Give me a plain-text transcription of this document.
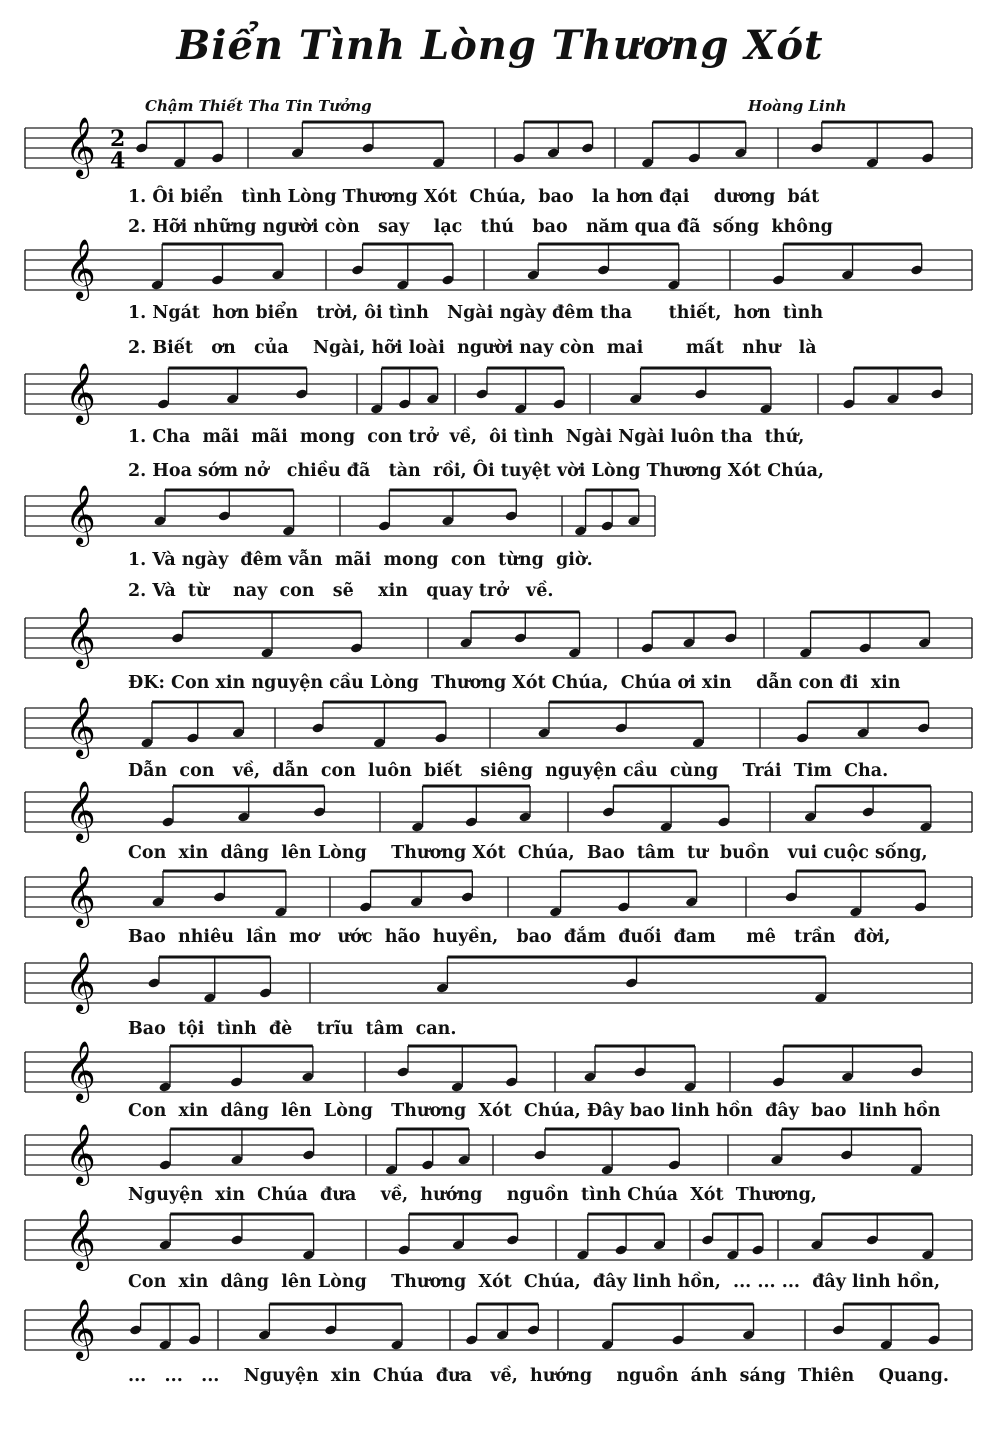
Biển Tình Lòng Thương Xót
Chậm Thiết Tha Tin Tưởng	Hoàng Linh
𝄞
𝄞
𝄞
𝄞
𝄞
𝄞
𝄞
𝄞
𝄞
𝄞
𝄞
𝄞
𝄞
2
4
1. Ôi biển   tình Lòng Thương Xót  Chúa,  bao   la hơn đại    dương  bát
2. Hỡi những người còn   say    lạc   thú   bao   năm qua đã  sống  không
1. Ngát  hơn biển   trời, ôi tình   Ngài ngày đêm tha      thiết,  hơn  tình
2. Biết   ơn   của    Ngài, hỡi loài  người nay còn  mai       mất   như   là
1. Cha  mãi  mãi  mong  con trở  về,  ôi tình  Ngài Ngài luôn tha  thứ,
2. Hoa sớm nở   chiều đã   tàn  rồi, Ôi tuyệt vời Lòng Thương Xót Chúa,
1. Và ngày  đêm vẫn  mãi  mong  con  từng  giờ.
2. Và  từ    nay  con   sẽ    xin   quay trở   về.
ĐK: Con xin nguyện cầu Lòng  Thương Xót Chúa,  Chúa ơi xin    dẫn con đi  xin
Dẫn  con   về,  dẫn  con  luôn  biết   siêng  nguyện cầu  cùng    Trái  Tim  Cha.
Con  xin  dâng  lên Lòng    Thương Xót  Chúa,  Bao  tâm  tư  buồn   vui cuộc sống,
Bao  nhiêu  lần  mơ   ước  hão  huyền,   bao  đắm  đuối  đam     mê   trần   đời,
Bao  tội  tình  đè    trĩu  tâm  can.
Con  xin  dâng  lên  Lòng   Thương  Xót  Chúa, Đây bao linh hồn  đây  bao  linh hồn
Nguyện  xin  Chúa  đưa    về,  hướng    nguồn  tình Chúa  Xót  Thương,
Con  xin  dâng  lên Lòng    Thương  Xót  Chúa,  đây linh hồn,  ... ... ...  đây linh hồn,
...   ...   ...    Nguyện  xin  Chúa  đưa   về,  hướng    nguồn  ánh  sáng  Thiên    Quang.
